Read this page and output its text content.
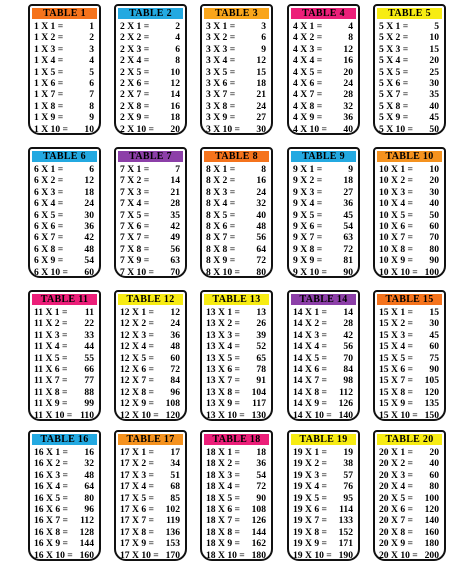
TABLE 1
1 X 1 =	1
1 X 2 =	2
1 X 3 =	3
1 X 4 =	4
1 X 5 =	5
1 X 6 =	6
1 X 7 =	7
1 X 8 =	8
1 X 9 =	9
1 X 10 = 10
TABLE 2
2 X 1 =	2
2 X 2 =	4
2 X 3 =	6
2 X 4 =	8
2 X 5 = 10
2 X 6 = 12
2 X 7 = 14
2 X 8 = 16
2 X 9 = 18
2 X 10 = 20
TABLE 3
3 X 1 =	3
3 X 2 =	6
3 X 3 =	9
3 X 4 = 12
3 X 5 = 15
3 X 6 = 18
3 X 7 = 21
3 X 8 = 24
3 X 9 = 27
3 X 10 = 30
TABLE 4
4 X 1 =	4
4 X 2 =	8
4 X 3 = 12
4 X 4 = 16
4 X 5 = 20
4 X 6 = 24
4 X 7 = 28
4 X 8 = 32
4 X 9 = 36
4 X 10 = 40
TABLE 5
5 X 1 =	5
5 X 2 = 10
5 X 3 = 15
5 X 4 = 20
5 X 5 = 25
5 X 6 = 30
5 X 7 = 35
5 X 8 = 40
5 X 9 = 45
5 X 10 = 50
TABLE 6
6 X 1 =	6
6 X 2 = 12
6 X 3 = 18
6 X 4 = 24
6 X 5 = 30
6 X 6 = 36
6 X 7 = 42
6 X 8 = 48
6 X 9 = 54
6 X 10 = 60
TABLE 7
7 X 1 =	7
7 X 2 = 14
7 X 3 = 21
7 X 4 = 28
7 X 5 = 35
7 X 6 = 42
7 X 7 = 49
7 X 8 = 56
7 X 9 = 63
7 X 10 = 70
TABLE 8
8 X 1 =	8
8 X 2 = 16
8 X 3 = 24
8 X 4 = 32
8 X 5 = 40
8 X 6 = 48
8 X 7 = 56
8 X 8 = 64
8 X 9 = 72
8 X 10 = 80
TABLE 9
9 X 1 =	9
9 X 2 = 18
9 X 3 = 27
9 X 4 = 36
9 X 5 = 45
9 X 6 = 54
9 X 7 = 63
9 X 8 = 72
9 X 9 = 81
9 X 10 = 90
TABLE 10
10 X 1 = 10
10 X 2 = 20
10 X 3 = 30
10 X 4 = 40
10 X 5 = 50
10 X 6 = 60
10 X 7 = 70
10 X 8 = 80
10 X 9 = 90
10 X 10 = 100
TABLE 11
11 X 1 = 11
11 X 2 = 22
11 X 3 = 33
11 X 4 = 44
11 X 5 = 55
11 X 6 = 66
11 X 7 = 77
11 X 8 = 88
11 X 9 = 99
11 X 10 = 110
TABLE 12
12 X 1 = 12
12 X 2 = 24
12 X 3 = 36
12 X 4 = 48
12 X 5 = 60
12 X 6 = 72
12 X 7 = 84
12 X 8 = 96
12 X 9 = 108
12 X 10 = 120
TABLE 13
13 X 1 = 13
13 X 2 = 26
13 X 3 = 39
13 X 4 = 52
13 X 5 = 65
13 X 6 = 78
13 X 7 = 91
13 X 8 = 104
13 X 9 = 117
13 X 10 = 130
TABLE 14
14 X 1 = 14
14 X 2 = 28
14 X 3 = 42
14 X 4 = 56
14 X 5 = 70
14 X 6 = 84
14 X 7 = 98
14 X 8 = 112
14 X 9 = 126
14 X 10 = 140
TABLE 15
15 X 1 = 15
15 X 2 = 30
15 X 3 = 45
15 X 4 = 60
15 X 5 = 75
15 X 6 = 90
15 X 7 = 105
15 X 8 = 120
15 X 9 = 135
15 X 10 = 150
TABLE 16
16 X 1 = 16
16 X 2 = 32
16 X 3 = 48
16 X 4 = 64
16 X 5 = 80
16 X 6 = 96
16 X 7 = 112
16 X 8 = 128
16 X 9 = 144
16 X 10 = 160
TABLE 17
17 X 1 = 17
17 X 2 = 34
17 X 3 = 51
17 X 4 = 68
17 X 5 = 85
17 X 6 = 102
17 X 7 = 119
17 X 8 = 136
17 X 9 = 153
17 X 10 = 170
TABLE 18
18 X 1 = 18
18 X 2 = 36
18 X 3 = 54
18 X 4 = 72
18 X 5 = 90
18 X 6 = 108
18 X 7 = 126
18 X 8 = 144
18 X 9 = 162
18 X 10 = 180
TABLE 19
19 X 1 = 19
19 X 2 = 38
19 X 3 = 57
19 X 4 = 76
19 X 5 = 95
19 X 6 = 114
19 X 7 = 133
19 X 8 = 152
19 X 9 = 171
19 X 10 = 190
TABLE 20
20 X 1 = 20
20 X 2 = 40
20 X 3 = 60
20 X 4 = 80
20 X 5 = 100
20 X 6 = 120
20 X 7 = 140
20 X 8 = 160
20 X 9 = 180
20 X 10 = 200
